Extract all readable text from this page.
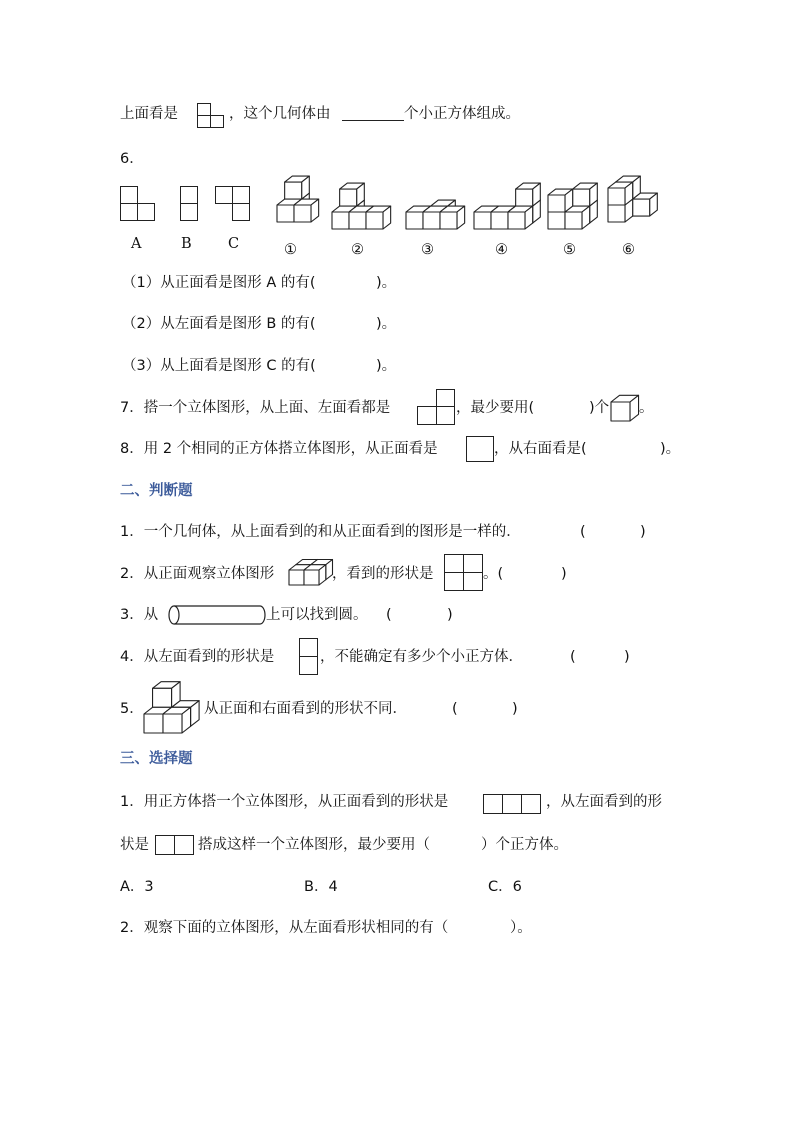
上面看是	，这个几何体由	个小正方体组成。
6．
A	B	C	①	②	③	④	⑤	⑥
（1）从正面看是图形 A 的有(	)。
（2）从左面看是图形 B 的有(	)。
（3）从上面看是图形 C 的有(	)。
7．搭一个立体图形，从上面、左面看都是	，最少要用(	)个 。
8．用 2 个相同的正方体搭立体图形，从正面看是	，从右面看是(	)。
二、判断题
1．一个几何体，从上面看到的和从正面看到的图形是一样的．	(	)
2．从正面观察立体图形	，看到的形状是	。(	)
3．从	上可以找到圆。 (	)
4．从左面看到的形状是	，不能确定有多少个小正方体．	(	)
5．	从正面和右面看到的形状不同．	(	)
三、选择题
1．用正方体搭一个立体图形，从正面看到的形状是	，从左面看到的形
状是	搭成这样一个立体图形，最少要用（	）个正方体。
A．3	B．4	C．6
2．观察下面的立体图形，从左面看形状相同的有（	）。
